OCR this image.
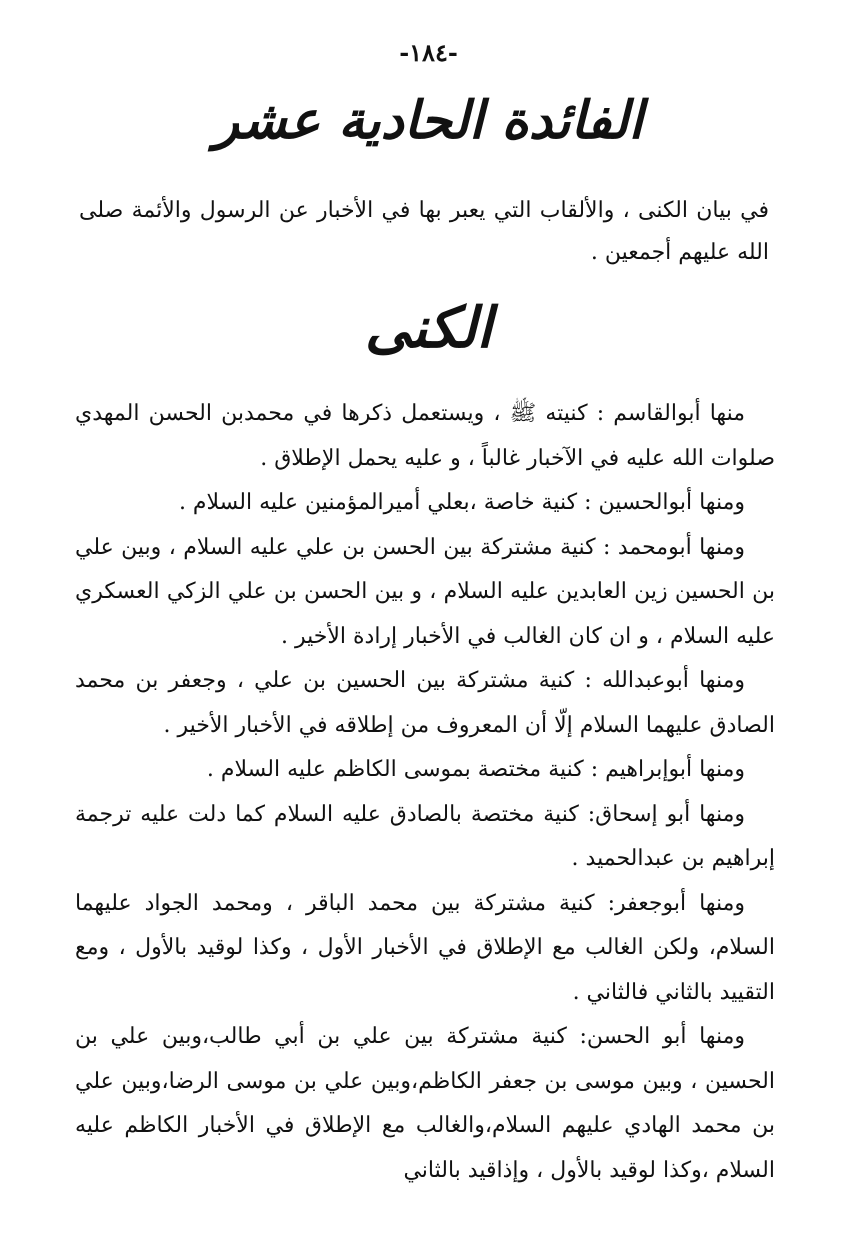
-١٨٤-
الفائدة الحادية عشر
في بيان الكنى ، والألقاب التي يعبر بها في الأخبار عن الرسول والأئمة صلى الله عليهم أجمعين .
الكنى

منها أبوالقاسم : كنيته ﷺ ، ويستعمل ذكرها في محمدبن الحسن المهدي صلوات الله عليه في الآخبار غالباً ، و عليه يحمل الإطلاق .

ومنها أبوالحسين : كنية خاصة ،بعلي أميرالمؤمنين عليه السلام .

ومنها أبومحمد : كنية مشتركة بين الحسن بن علي عليه السلام ، وبين علي بن الحسين زين العابدين عليه السلام ، و بين الحسن بن علي الزكي العسكري عليه السلام ، و ان كان الغالب في الأخبار إرادة الأخير .

ومنها أبوعبدالله : كنية مشتركة بين الحسين بن علي ، وجعفر بن محمد الصادق عليهما السلام إلّا أن المعروف من إطلاقه في الأخبار الأخير .

ومنها أبوإبراهيم : كنية مختصة بموسى الكاظم عليه السلام .

ومنها أبو إسحاق: كنية مختصة بالصادق عليه السلام كما دلت عليه ترجمة إبراهيم بن عبدالحميد .

ومنها أبوجعفر: كنية مشتركة بين محمد الباقر ، ومحمد الجواد عليهما السلام، ولكن الغالب مع الإطلاق في الأخبار الأول ، وكذا لوقيد بالأول ، ومع التقييد بالثاني فالثاني .

ومنها أبو الحسن: كنية مشتركة بين علي بن أبي طالب،وبين علي بن الحسين ، وبين موسى بن جعفر الكاظم،وبين علي بن موسى الرضا،وبين علي بن محمد الهادي عليهم السلام،والغالب مع الإطلاق في الأخبار الكاظم عليه السلام ،وكذا لوقيد بالأول ، وإذاقيد بالثاني
